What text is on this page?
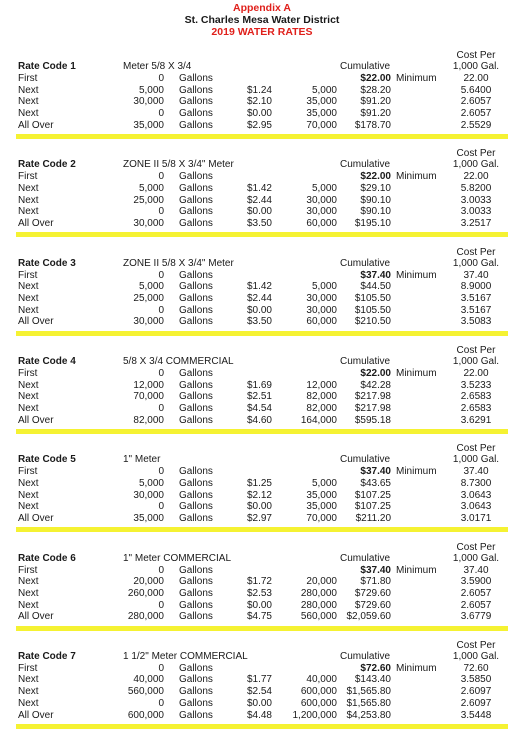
Appendix A
St. Charles Mesa Water District
2019 WATER RATES
Cost Per
Rate Code 1	Meter 5/8 X 3/4	Cumulative	1,000 Gal.
First	0 Gallons	$22.00 Minimum	22.00
Next	5,000 Gallons	$1.24	5,000	$28.20	5.6400
Next	30,000 Gallons	$2.10	35,000	$91.20	2.6057
Next	0 Gallons	$0.00	35,000	$91.20	2.6057
All Over	35,000 Gallons	$2.95	70,000	$178.70	2.5529
Cost Per
Rate Code 2	ZONE II 5/8 X 3/4" Meter	Cumulative	1,000 Gal.
First	0 Gallons	$22.00 Minimum	22.00
Next	5,000 Gallons	$1.42	5,000	$29.10	5.8200
Next	25,000 Gallons	$2.44	30,000	$90.10	3.0033
Next	0 Gallons	$0.00	30,000	$90.10	3.0033
All Over	30,000 Gallons	$3.50	60,000	$195.10	3.2517
Cost Per
Rate Code 3	ZONE II 5/8 X 3/4" Meter	Cumulative	1,000 Gal.
First	0 Gallons	$37.40 Minimum	37.40
Next	5,000 Gallons	$1.42	5,000	$44.50	8.9000
Next	25,000 Gallons	$2.44	30,000	$105.50	3.5167
Next	0 Gallons	$0.00	30,000	$105.50	3.5167
All Over	30,000 Gallons	$3.50	60,000	$210.50	3.5083
Cost Per
Rate Code 4	5/8 X 3/4 COMMERCIAL	Cumulative	1,000 Gal.
First	0 Gallons	$22.00 Minimum	22.00
Next	12,000 Gallons	$1.69	12,000	$42.28	3.5233
Next	70,000 Gallons	$2.51	82,000	$217.98	2.6583
Next	0 Gallons	$4.54	82,000	$217.98	2.6583
All Over	82,000 Gallons	$4.60	164,000	$595.18	3.6291
Cost Per
Rate Code 5	1" Meter	Cumulative	1,000 Gal.
First	0 Gallons	$37.40 Minimum	37.40
Next	5,000 Gallons	$1.25	5,000	$43.65	8.7300
Next	30,000 Gallons	$2.12	35,000	$107.25	3.0643
Next	0 Gallons	$0.00	35,000	$107.25	3.0643
All Over	35,000 Gallons	$2.97	70,000	$211.20	3.0171
Cost Per
Rate Code 6	1" Meter COMMERCIAL	Cumulative	1,000 Gal.
First	0 Gallons	$37.40 Minimum	37.40
Next	20,000 Gallons	$1.72	20,000	$71.80	3.5900
Next	260,000 Gallons	$2.53	280,000	$729.60	2.6057
Next	0 Gallons	$0.00	280,000	$729.60	2.6057
All Over	280,000 Gallons	$4.75	560,000 $2,059.60	3.6779
Cost Per
Rate Code 7	1 1/2" Meter COMMERCIAL	Cumulative	1,000 Gal.
First	0 Gallons	$72.60 Minimum	72.60
Next	40,000 Gallons	$1.77	40,000	$143.40	3.5850
Next	560,000 Gallons	$2.54	600,000 $1,565.80	2.6097
Next	0 Gallons	$0.00	600,000 $1,565.80	2.6097
All Over	600,000 Gallons	$4.48	1,200,000 $4,253.80	3.5448
